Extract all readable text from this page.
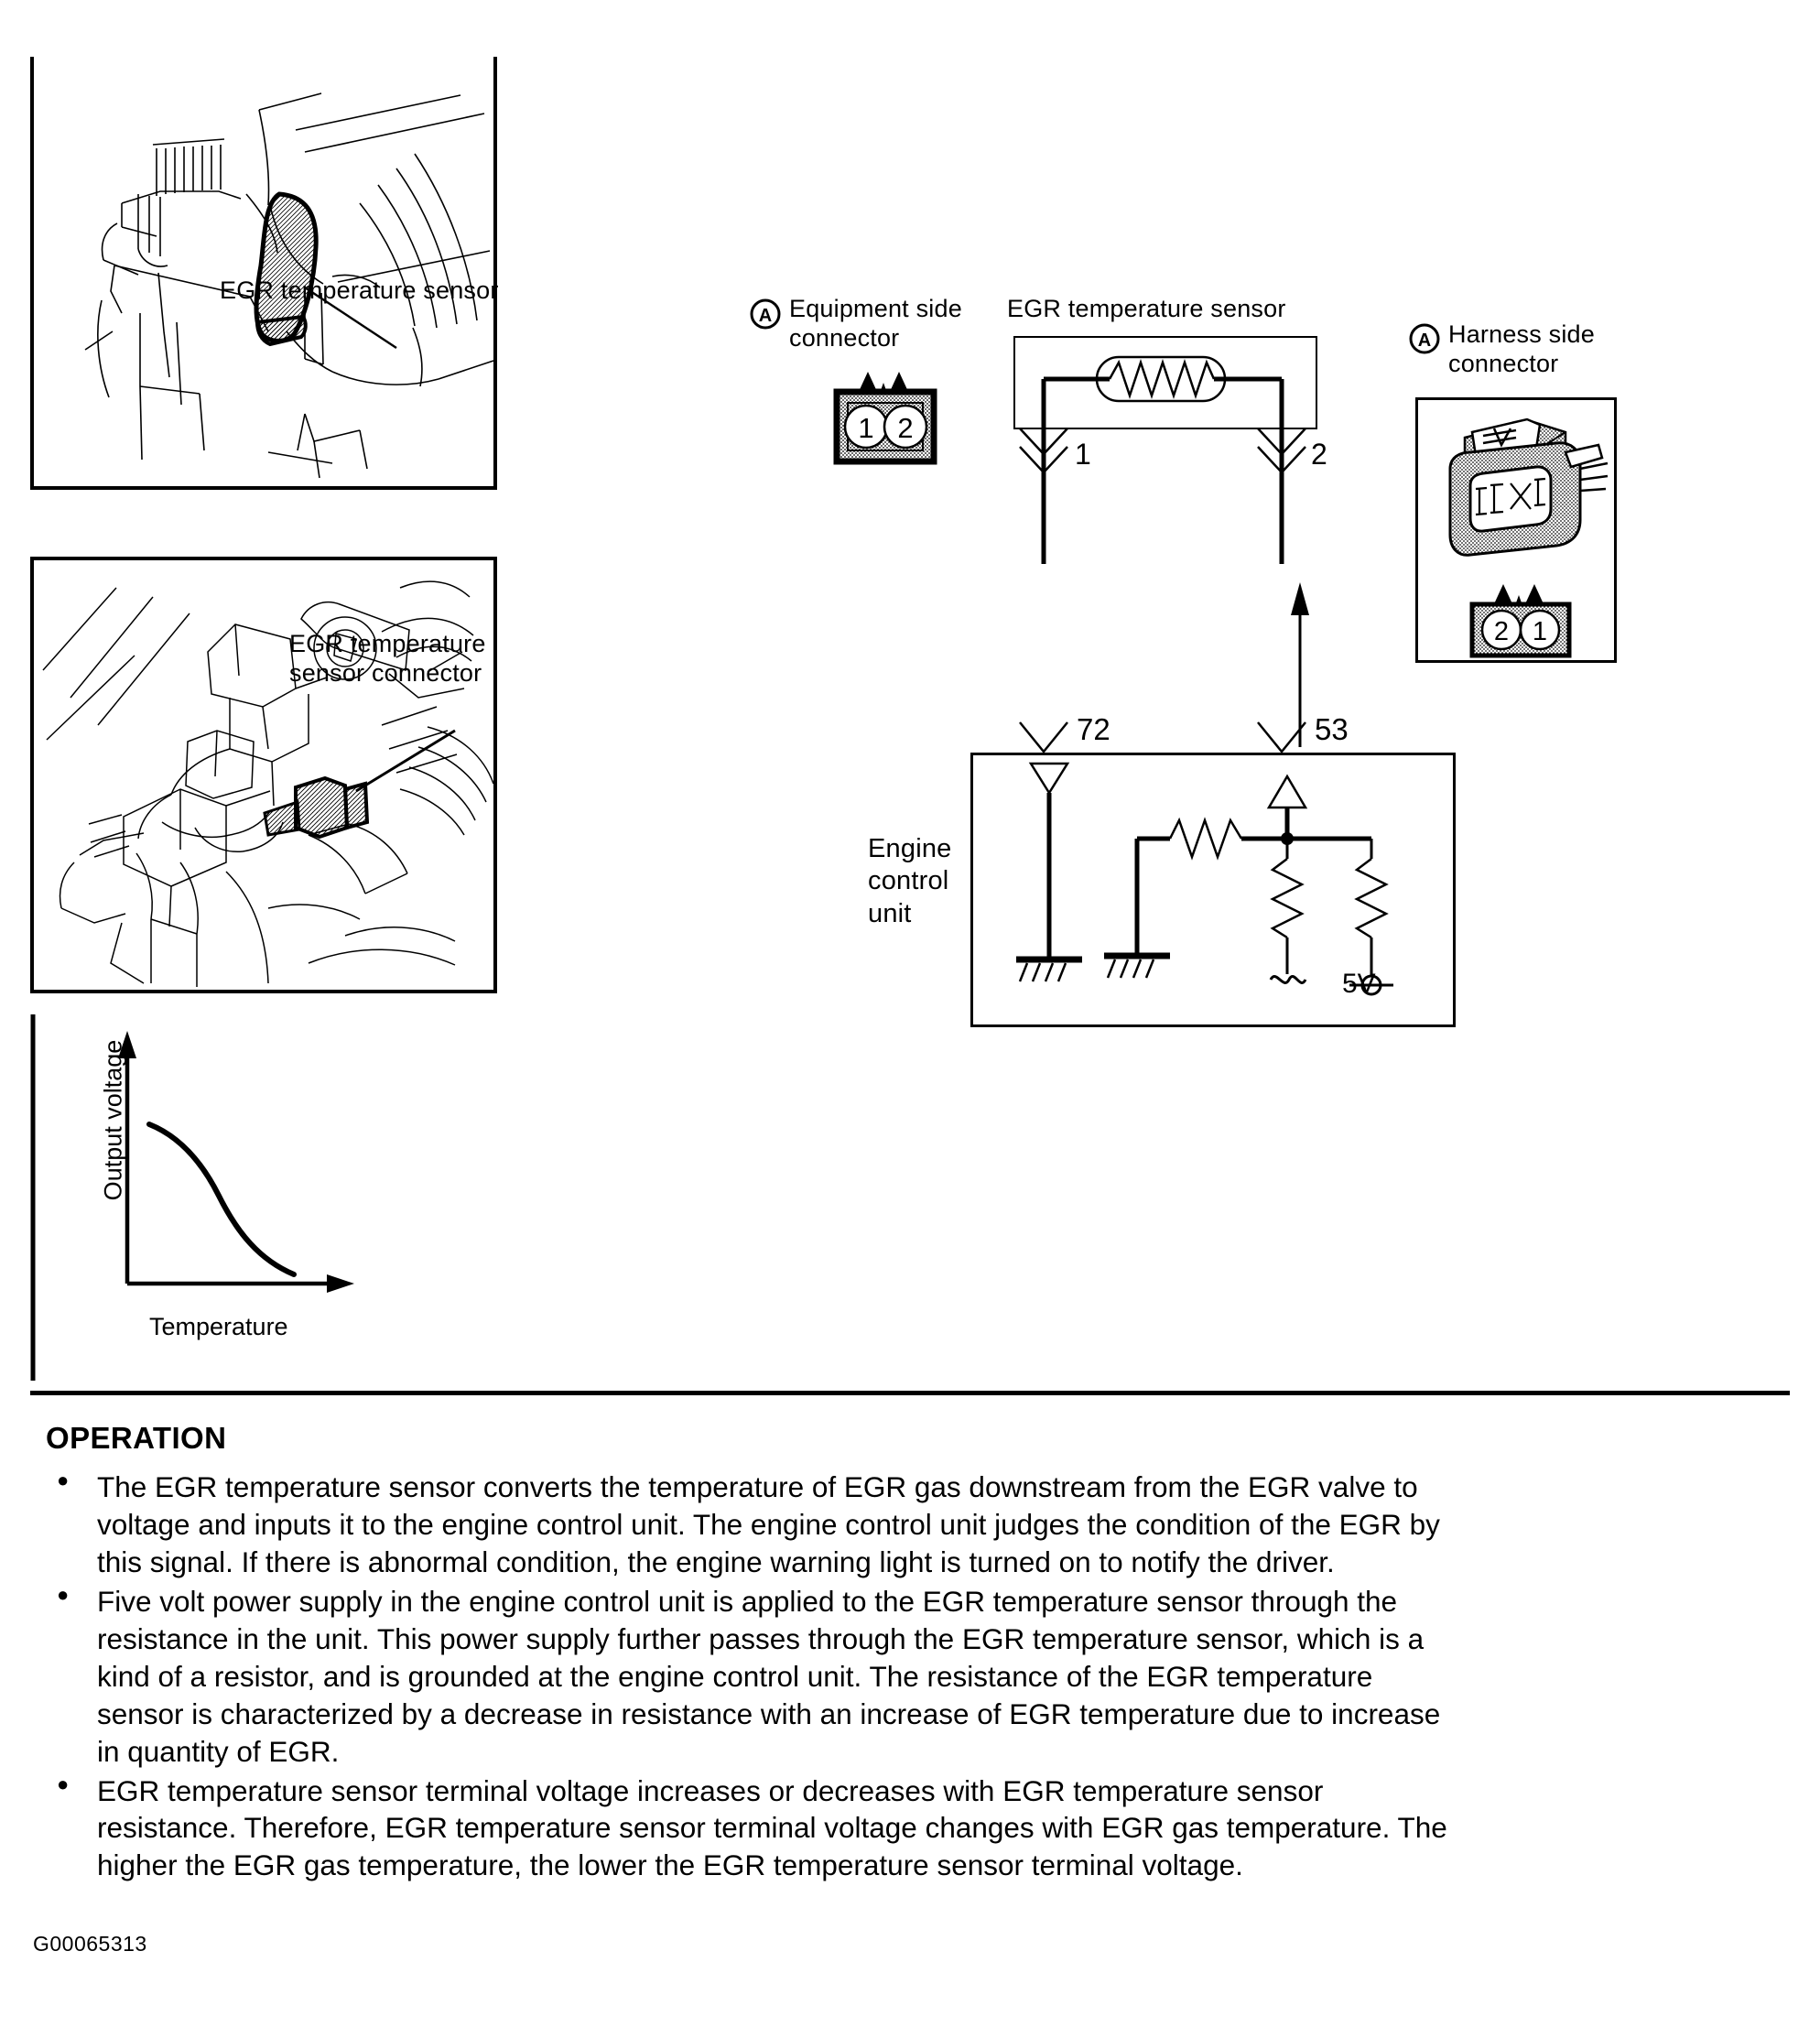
EGR temperature sensor
EGR temperature
sensor connector
Output voltage
Temperature
A Equipment side
connector
1 2
EGR temperature sensor
1	2
A Harness side
connector
2 1
72	53
Engine
control
unit
5V
OPERATION
● The EGR temperature sensor converts the temperature of EGR gas downstream from the EGR valve to
voltage and inputs it to the engine control unit. The engine control unit judges the condition of the EGR by
this signal. If there is abnormal condition, the engine warning light is turned on to notify the driver.
● Five volt power supply in the engine control unit is applied to the EGR temperature sensor through the
resistance in the unit. This power supply further passes through the EGR temperature sensor, which is a
kind of a resistor, and is grounded at the engine control unit. The resistance of the EGR temperature
sensor is characterized by a decrease in resistance with an increase of EGR temperature due to increase
in quantity of EGR.
● EGR temperature sensor terminal voltage increases or decreases with EGR temperature sensor
resistance. Therefore, EGR temperature sensor terminal voltage changes with EGR gas temperature. The
higher the EGR gas temperature, the lower the EGR temperature sensor terminal voltage.
G00065313
